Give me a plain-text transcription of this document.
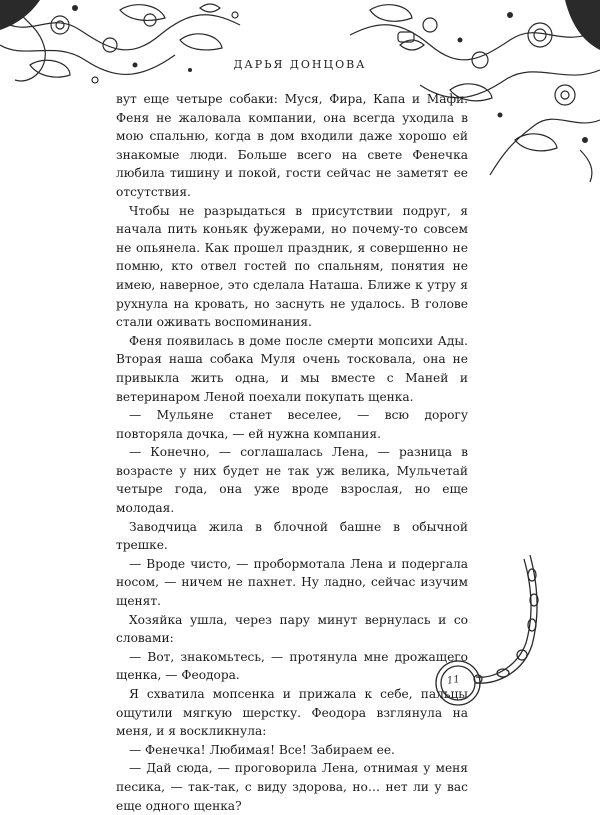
ДАРЬЯ ДОНЦОВА

вут еще четыре собаки: Муся, Фира, Капа и Мафи. Феня не жаловала компании, она всегда уходила в мою спальню, когда в дом входили даже хорошо ей знакомые люди. Больше всего на свете Фенечка любила тишину и покой, гости сейчас не заметят ее отсутствия.

Чтобы не разрыдаться в присутствии подруг, я начала пить коньяк фужерами, но почему-то совсем не опьянела. Как прошел праздник, я совершенно не помню, кто отвел гостей по спальням, понятия не имею, наверное, это сделала Наташа. Ближе к утру я рухнула на кровать, но заснуть не удалось. В голове стали оживать воспоминания.

Феня появилась в доме после смерти мопсихи Ады. Вторая наша собака Муля очень тосковала, она не привыкла жить одна, и мы вместе с Маней и ветеринаром Леной поехали покупать щенка.

— Мульяне станет веселее, — всю дорогу повторяла дочка, — ей нужна компания.

— Конечно, — соглашалась Лена, — разница в возрасте у них будет не так уж велика, Мульчетай четыре года, она уже вроде взрослая, но еще молодая.

Заводчица жила в блочной башне в обычной трешке.

— Вроде чисто, — пробормотала Лена и подергала носом, — ничем не пахнет. Ну ладно, сейчас изучим щенят.

Хозяйка ушла, через пару минут вернулась и со словами:

— Вот, знакомьтесь, — протянула мне дрожащего щенка, — Феодора.

Я схватила мопсенка и прижала к себе, пальцы ощутили мягкую шерстку. Феодора взглянула на меня, и я воскликнула:

— Фенечка! Любимая! Все! Забираем ее.

— Дай сюда, — проговорила Лена, отнимая у меня песика, — так-так, с виду здорова, но… нет ли у вас еще одного щенка?

11
